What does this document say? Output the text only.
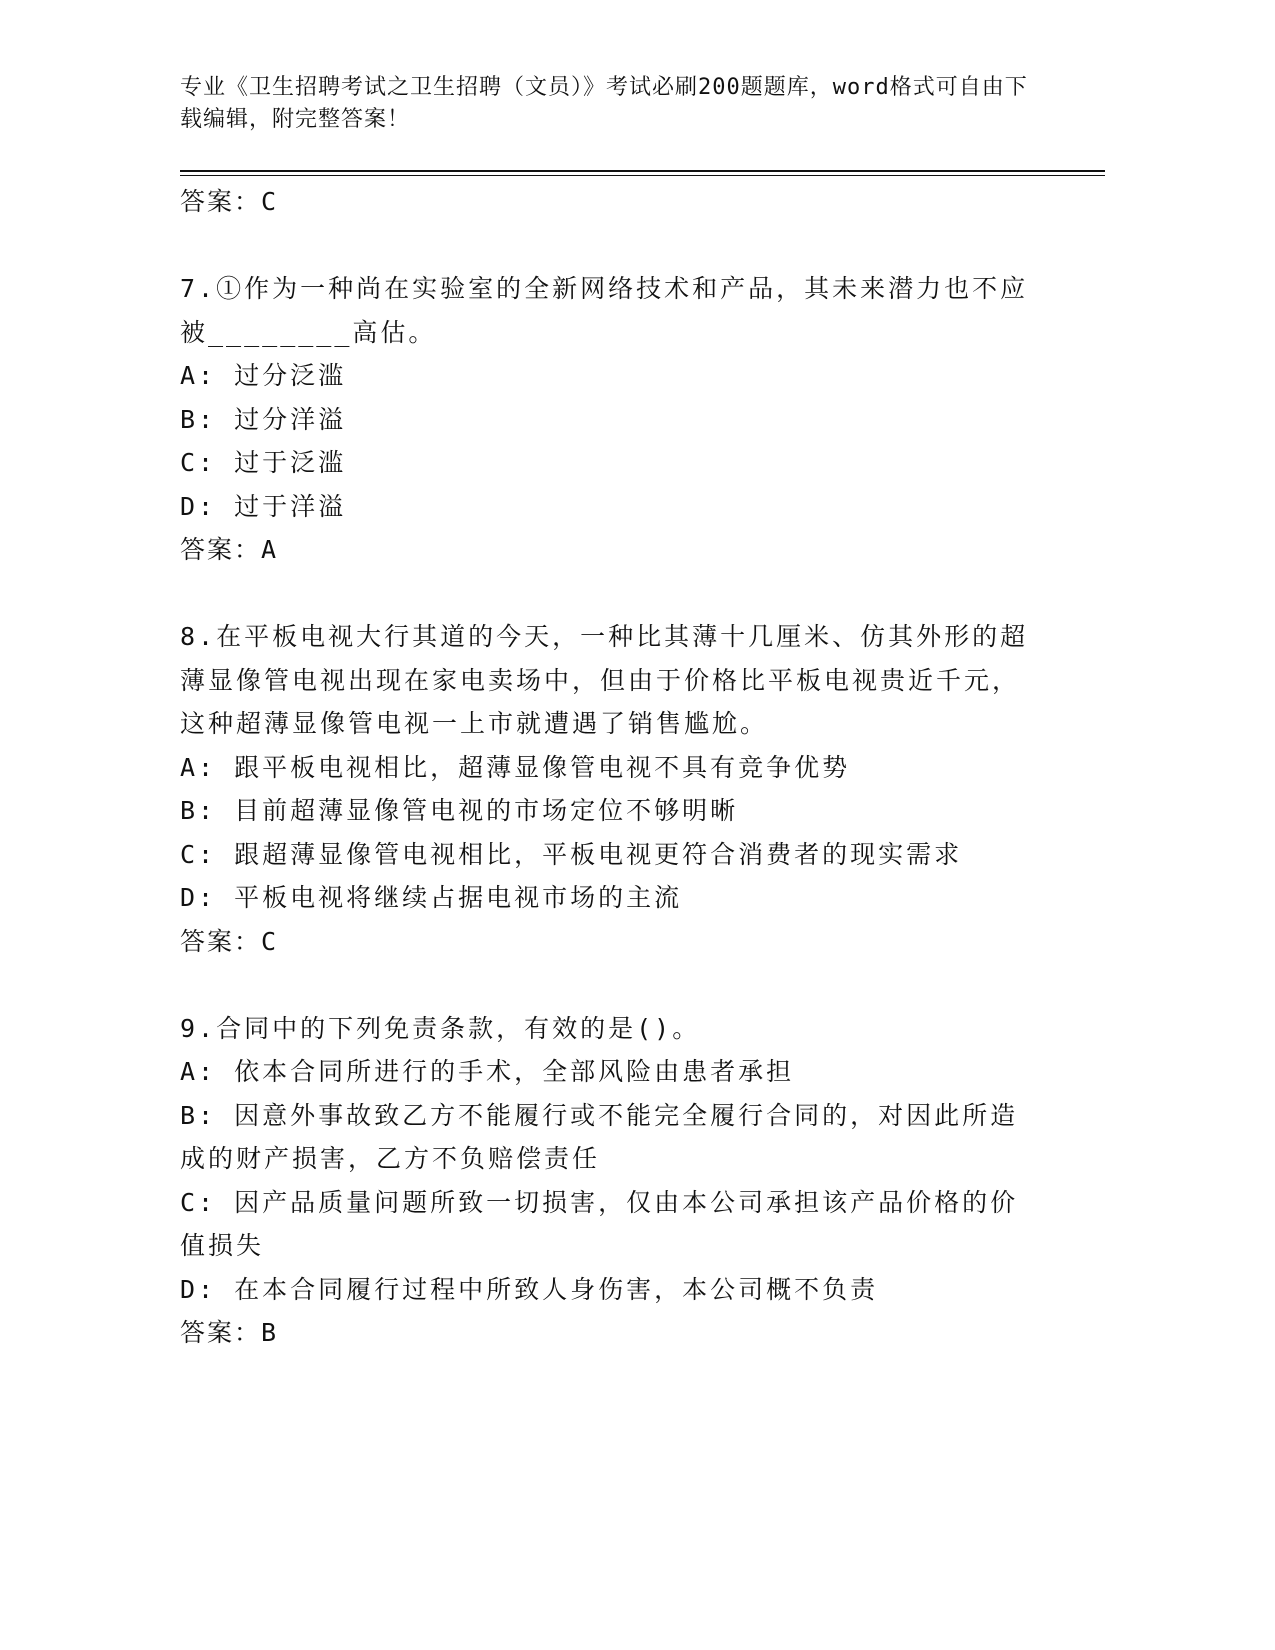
专业《卫生招聘考试之卫生招聘（文员）》考试必刷200题题库，word格式可自由下载编辑，附完整答案！
答案：C
7.①作为一种尚在实验室的全新网络技术和产品，其未来潜力也不应
被________高估。
A: 过分泛滥
B: 过分洋溢
C: 过于泛滥
D: 过于洋溢
答案：A
8.在平板电视大行其道的今天，一种比其薄十几厘米、仿其外形的超
薄显像管电视出现在家电卖场中，但由于价格比平板电视贵近千元，
这种超薄显像管电视一上市就遭遇了销售尴尬。
A: 跟平板电视相比，超薄显像管电视不具有竞争优势
B: 目前超薄显像管电视的市场定位不够明晰
C: 跟超薄显像管电视相比，平板电视更符合消费者的现实需求
D: 平板电视将继续占据电视市场的主流
答案：C
9.合同中的下列免责条款，有效的是()。
A: 依本合同所进行的手术，全部风险由患者承担
B: 因意外事故致乙方不能履行或不能完全履行合同的，对因此所造成的财产损害，乙方不负赔偿责任
C: 因产品质量问题所致一切损害，仅由本公司承担该产品价格的价值损失
D: 在本合同履行过程中所致人身伤害，本公司概不负责
答案：B
